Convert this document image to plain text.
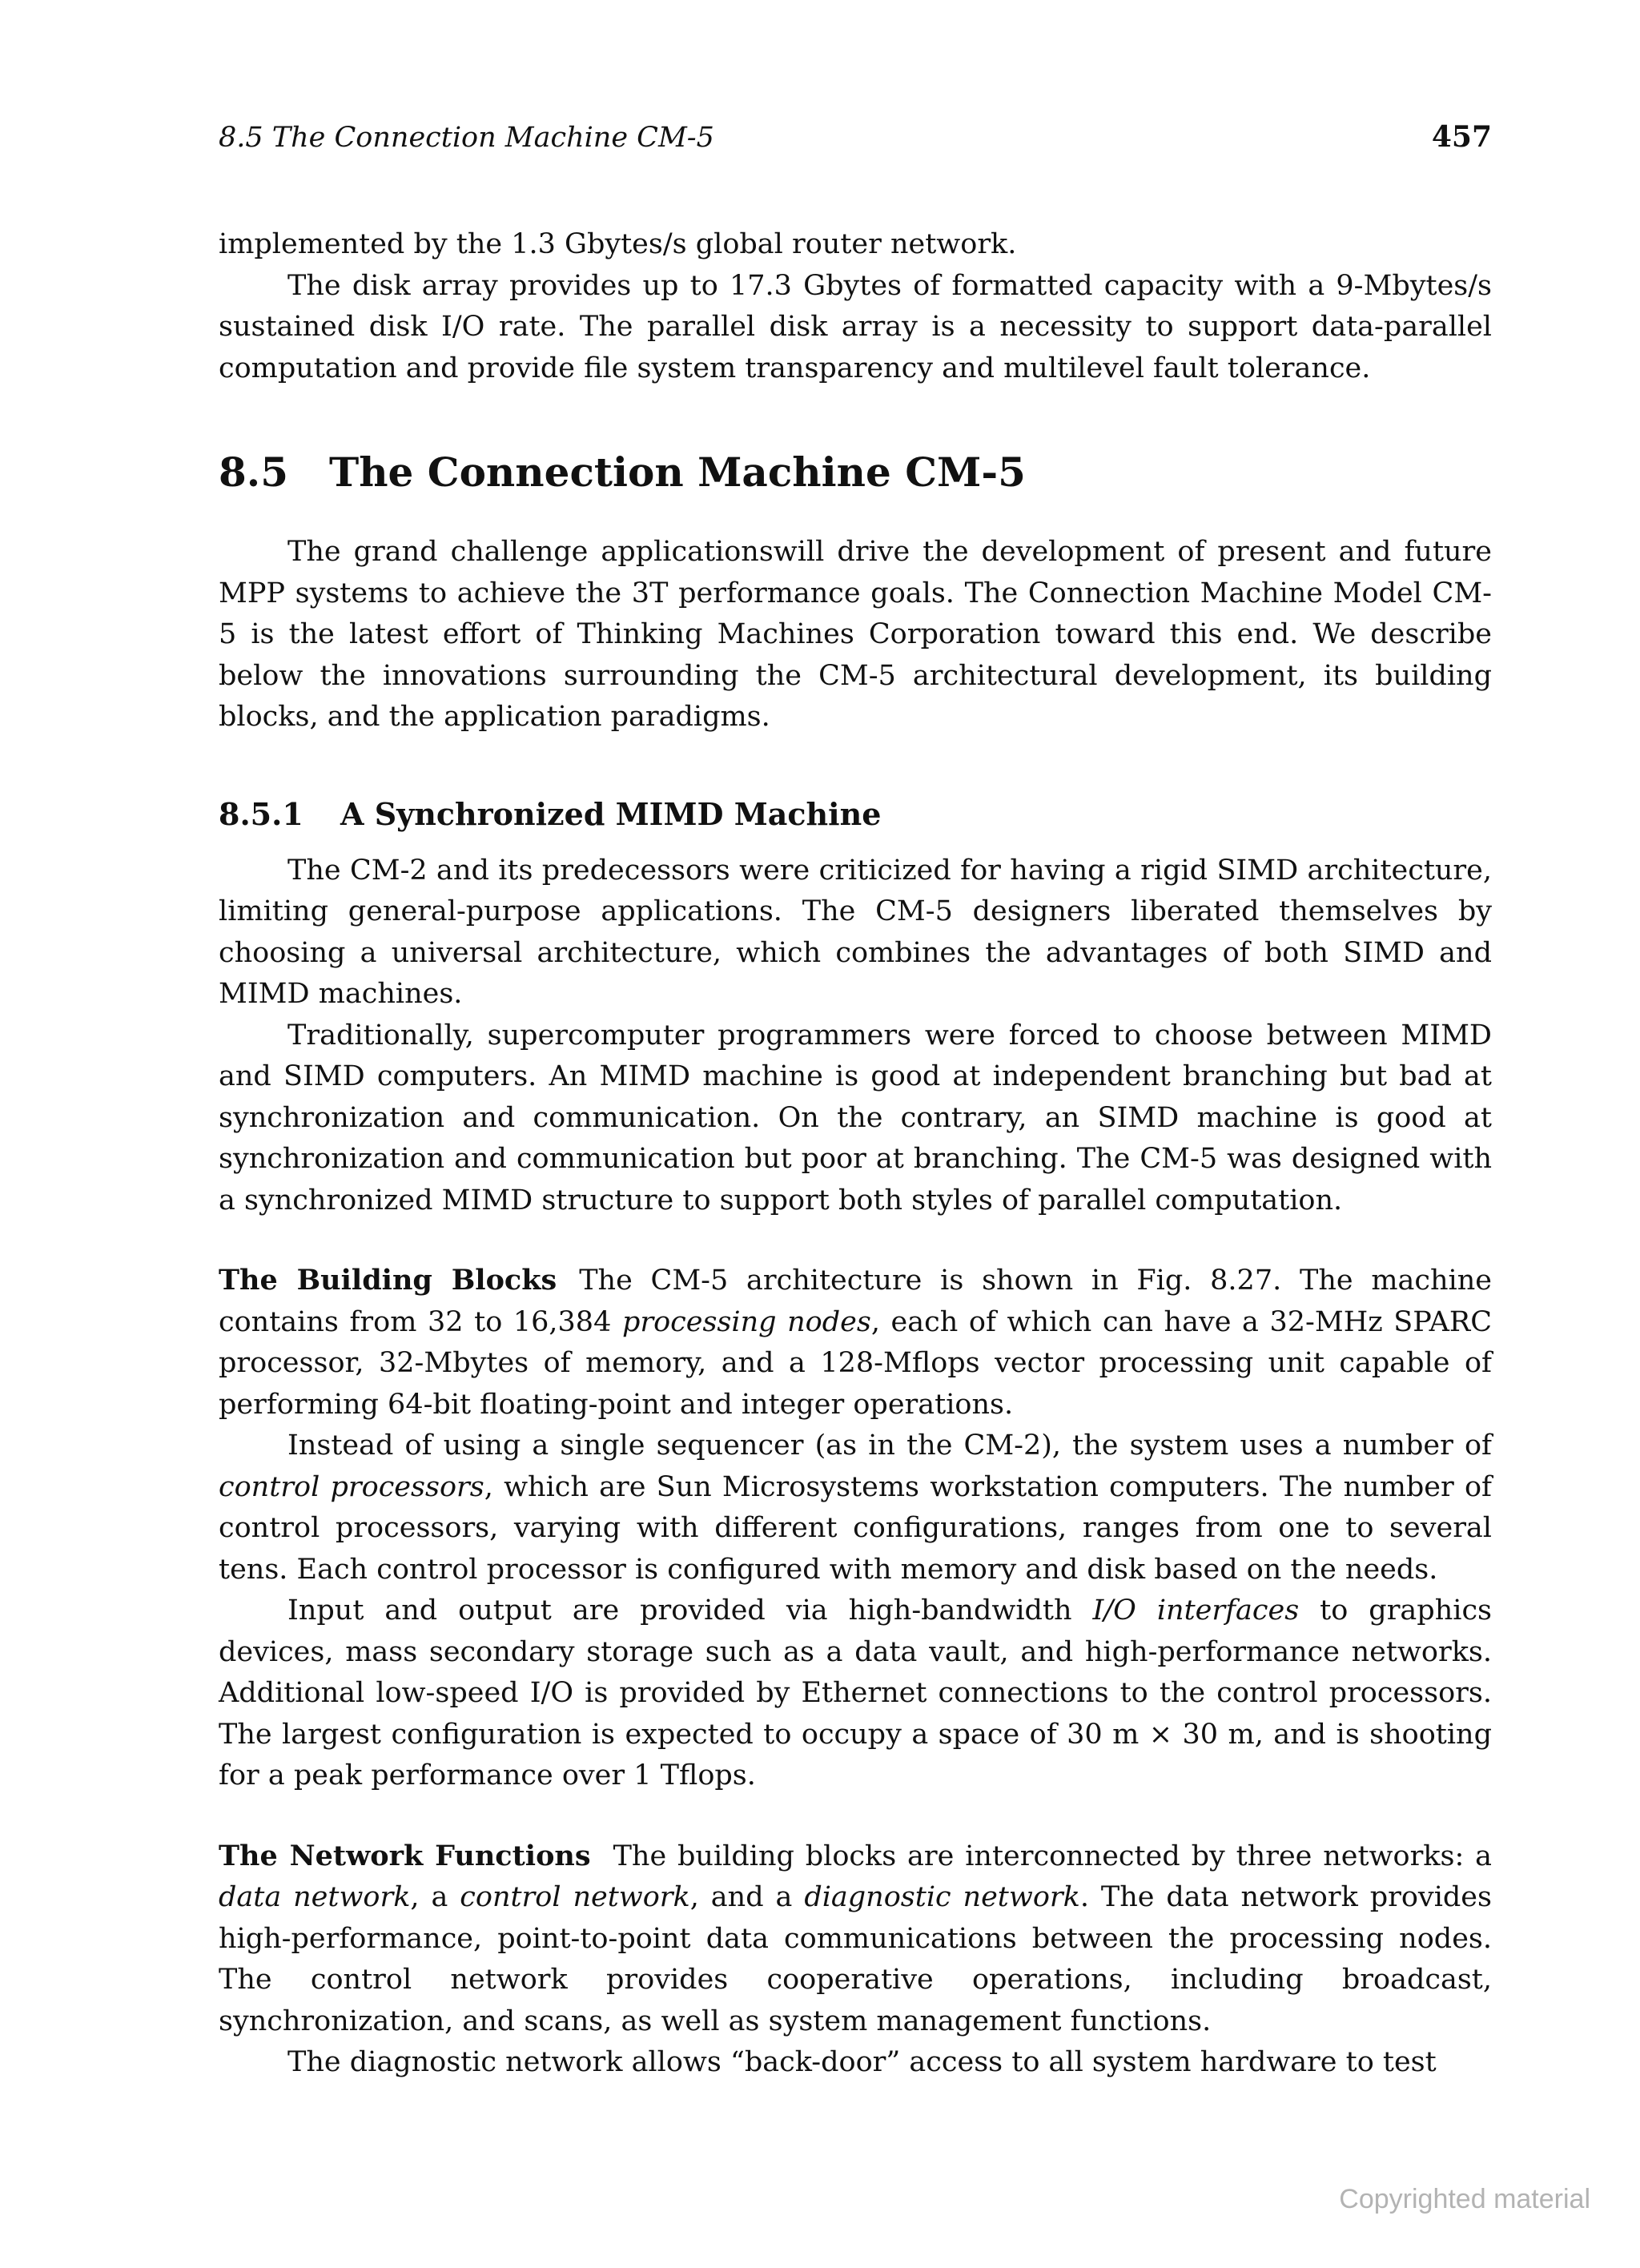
8.5 The Connection Machine CM-5	457

implemented by the 1.3 Gbytes/s global router network.

The disk array provides up to 17.3 Gbytes of formatted capacity with a 9-Mbytes/s sustained disk I/O rate. The parallel disk array is a necessity to support data-parallel computation and provide file system transparency and multilevel fault tolerance.

8.5 The Connection Machine CM-5

The grand challenge applicationswill drive the development of present and future MPP systems to achieve the 3T performance goals. The Connection Machine Model CM-5 is the latest effort of Thinking Machines Corporation toward this end. We describe below the innovations surrounding the CM-5 architectural development, its building blocks, and the application paradigms.

8.5.1 A Synchronized MIMD Machine

The CM-2 and its predecessors were criticized for having a rigid SIMD architecture, limiting general-purpose applications. The CM-5 designers liberated themselves by choosing a universal architecture, which combines the advantages of both SIMD and MIMD machines.

Traditionally, supercomputer programmers were forced to choose between MIMD and SIMD computers. An MIMD machine is good at independent branching but bad at synchronization and communication. On the contrary, an SIMD machine is good at synchronization and communication but poor at branching. The CM-5 was designed with a synchronized MIMD structure to support both styles of parallel computation.

The Building Blocks The CM-5 architecture is shown in Fig. 8.27. The machine contains from 32 to 16,384 processing nodes, each of which can have a 32-MHz SPARC processor, 32-Mbytes of memory, and a 128-Mflops vector processing unit capable of performing 64-bit floating-point and integer operations.

Instead of using a single sequencer (as in the CM-2), the system uses a number of control processors, which are Sun Microsystems workstation computers. The number of control processors, varying with different configurations, ranges from one to several tens. Each control processor is configured with memory and disk based on the needs.

Input and output are provided via high-bandwidth I/O interfaces to graphics devices, mass secondary storage such as a data vault, and high-performance networks. Additional low-speed I/O is provided by Ethernet connections to the control processors. The largest configuration is expected to occupy a space of 30 m × 30 m, and is shooting for a peak performance over 1 Tflops.

The Network Functions The building blocks are interconnected by three networks: a data network, a control network, and a diagnostic network. The data network provides high-performance, point-to-point data communications between the processing nodes. The control network provides cooperative operations, including broadcast, synchronization, and scans, as well as system management functions.

The diagnostic network allows “back-door” access to all system hardware to test

Copyrighted material
